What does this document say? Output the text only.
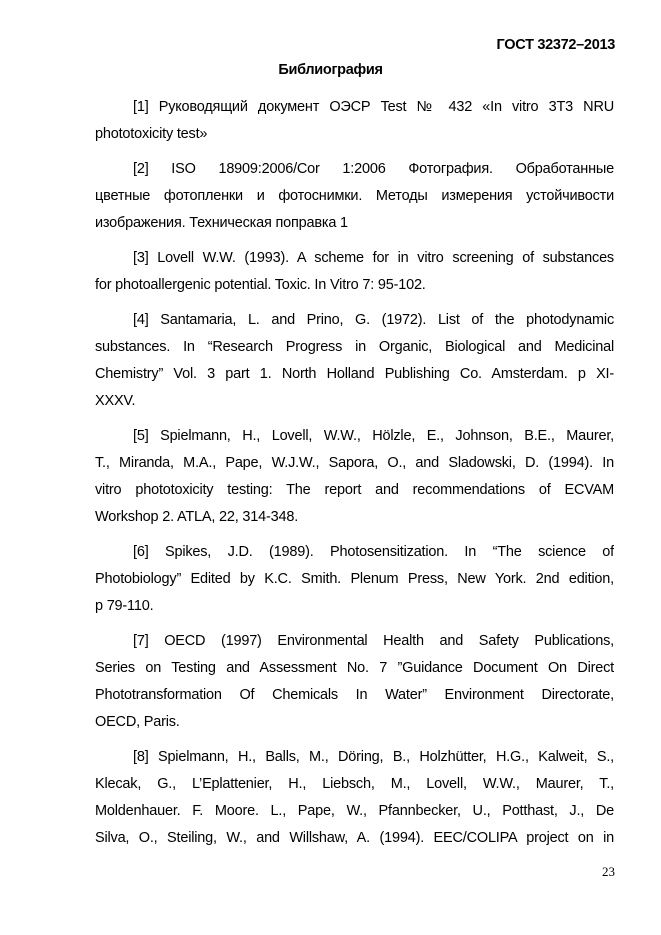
ГОСТ 32372–2013
Библиография
[1] Руководящий документ ОЭСР Test № 432 «In vitro 3T3 NRU
phototoxicity test»
[2] ISO 18909:2006/Cor 1:2006 Фотография. Обработанные
цветные фотопленки и фотоснимки. Методы измерения устойчивости
изображения. Техническая поправка 1
[3] Lovell W.W. (1993). A scheme for in vitro screening of substances
for photoallergenic potential. Toxic. In Vitro 7: 95-102.
[4] Santamaria, L. and Prino, G. (1972). List of the photodynamic
substances. In “Research Progress in Organic, Biological and Medicinal
Chemistry” Vol. 3 part 1. North Holland Publishing Co. Amsterdam. p XI-
XXXV.
[5] Spielmann, H., Lovell, W.W., Hölzle, E., Johnson, B.E., Maurer,
T., Miranda, M.A., Pape, W.J.W., Sapora, O., and Sladowski, D. (1994). In
vitro phototoxicity testing: The report and recommendations of ECVAM
Workshop 2. ATLA, 22, 314-348.
[6] Spikes, J.D. (1989). Photosensitization. In “The science of
Photobiology” Edited by K.C. Smith. Plenum Press, New York. 2nd edition,
p 79-110.
[7] OECD (1997) Environmental Health and Safety Publications,
Series on Testing and Assessment No. 7 ”Guidance Document On Direct
Phototransformation Of Chemicals In Water” Environment Directorate,
OECD, Paris.
[8] Spielmann, H., Balls, M., Döring, B., Holzhütter, H.G., Kalweit, S.,
Klecak, G., L’Eplattenier, H., Liebsch, M., Lovell, W.W., Maurer, T.,
Moldenhauer. F. Moore. L., Pape, W., Pfannbecker, U., Potthast, J., De
Silva, O., Steiling, W., and Willshaw, A. (1994). EEC/COLIPA project on in
23
